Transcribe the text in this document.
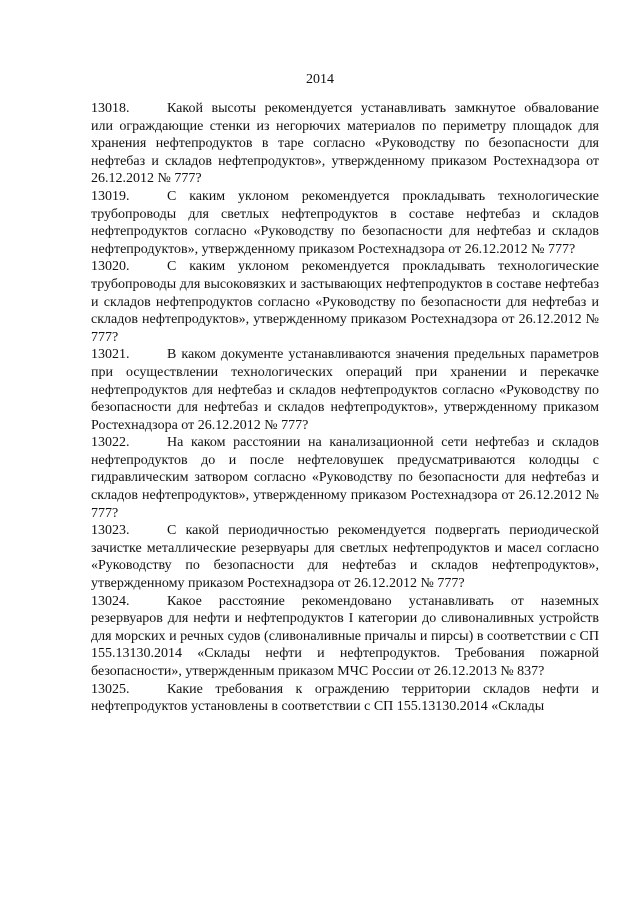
2014

13018.	Какой высоты рекомендуется устанавливать замкнутое обвалование или ограждающие стенки из негорючих материалов по периметру площадок для хранения нефтепродуктов в таре согласно «Руководству по безопасности для нефтебаз и складов нефтепродуктов», утвержденному приказом Ростехнадзора от 26.12.2012 № 777?

13019.	С каким уклоном рекомендуется прокладывать технологические трубопроводы для светлых нефтепродуктов в составе нефтебаз и складов нефтепродуктов согласно «Руководству по безопасности для нефтебаз и складов нефтепродуктов», утвержденному приказом Ростехнадзора от 26.12.2012 № 777?

13020.	С каким уклоном рекомендуется прокладывать технологические трубопроводы для высоковязких и застывающих нефтепродуктов в составе нефтебаз и складов нефтепродуктов согласно «Руководству по безопасности для нефтебаз и складов нефтепродуктов», утвержденному приказом Ростехнадзора от 26.12.2012 № 777?

13021.	В каком документе устанавливаются значения предельных параметров при осуществлении технологических операций при хранении и перекачке нефтепродуктов для нефтебаз и складов нефтепродуктов согласно «Руководству по безопасности для нефтебаз и складов нефтепродуктов», утвержденному приказом Ростехнадзора от 26.12.2012 № 777?

13022.	На каком расстоянии на канализационной сети нефтебаз и складов нефтепродуктов до и после нефтеловушек предусматриваются колодцы с гидравлическим затвором согласно «Руководству по безопасности для нефтебаз и складов нефтепродуктов», утвержденному приказом Ростехнадзора от 26.12.2012 № 777?

13023.	С какой периодичностью рекомендуется подвергать периодической зачистке металлические резервуары для светлых нефтепродуктов и масел согласно «Руководству по безопасности для нефтебаз и складов нефтепродуктов», утвержденному приказом Ростехнадзора от 26.12.2012 № 777?

13024.	Какое расстояние рекомендовано устанавливать от наземных резервуаров для нефти и нефтепродуктов I категории до сливоналивных устройств для морских и речных судов (сливоналивные причалы и пирсы) в соответствии с СП 155.13130.2014 «Склады нефти и нефтепродуктов. Требования пожарной безопасности», утвержденным приказом МЧС России от 26.12.2013 № 837?

13025.	Какие требования к ограждению территории складов нефти и нефтепродуктов установлены в соответствии с СП 155.13130.2014 «Склады
